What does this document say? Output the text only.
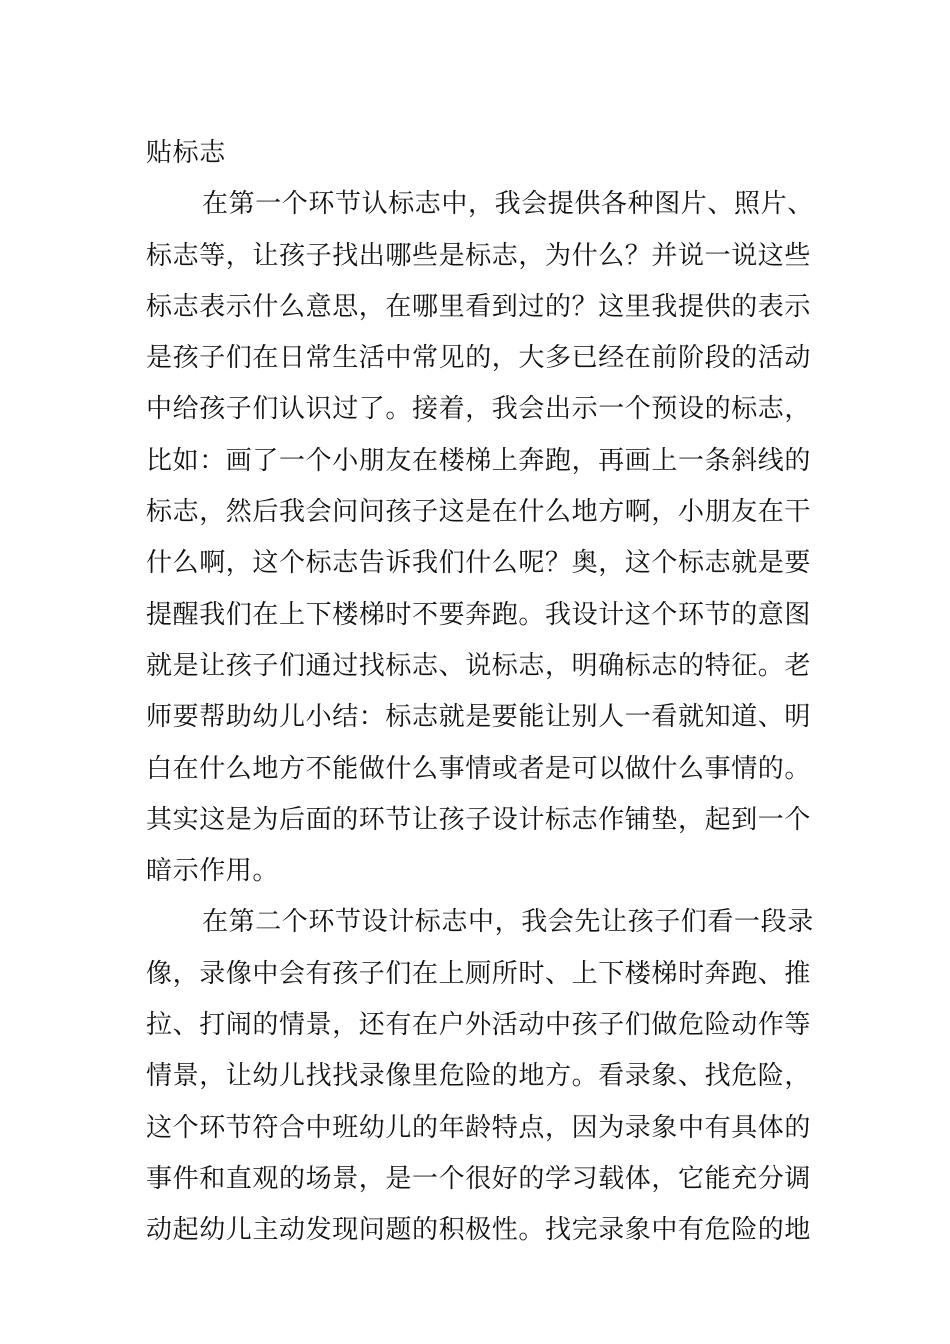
贴标志
在第一个环节认标志中，我会提供各种图片、照片、
标志等，让孩子找出哪些是标志，为什么？并说一说这些
标志表示什么意思，在哪里看到过的？这里我提供的表示
是孩子们在日常生活中常见的，大多已经在前阶段的活动
中给孩子们认识过了。接着，我会出示一个预设的标志，
比如：画了一个小朋友在楼梯上奔跑，再画上一条斜线的
标志，然后我会问问孩子这是在什么地方啊，小朋友在干
什么啊，这个标志告诉我们什么呢？奥，这个标志就是要
提醒我们在上下楼梯时不要奔跑。我设计这个环节的意图
就是让孩子们通过找标志、说标志，明确标志的特征。老
师要帮助幼儿小结：标志就是要能让别人一看就知道、明
白在什么地方不能做什么事情或者是可以做什么事情的。
其实这是为后面的环节让孩子设计标志作铺垫，起到一个
暗示作用。
在第二个环节设计标志中，我会先让孩子们看一段录
像，录像中会有孩子们在上厕所时、上下楼梯时奔跑、推
拉、打闹的情景，还有在户外活动中孩子们做危险动作等
情景，让幼儿找找录像里危险的地方。看录象、找危险，
这个环节符合中班幼儿的年龄特点，因为录象中有具体的
事件和直观的场景，是一个很好的学习载体，它能充分调
动起幼儿主动发现问题的积极性。找完录象中有危险的地
